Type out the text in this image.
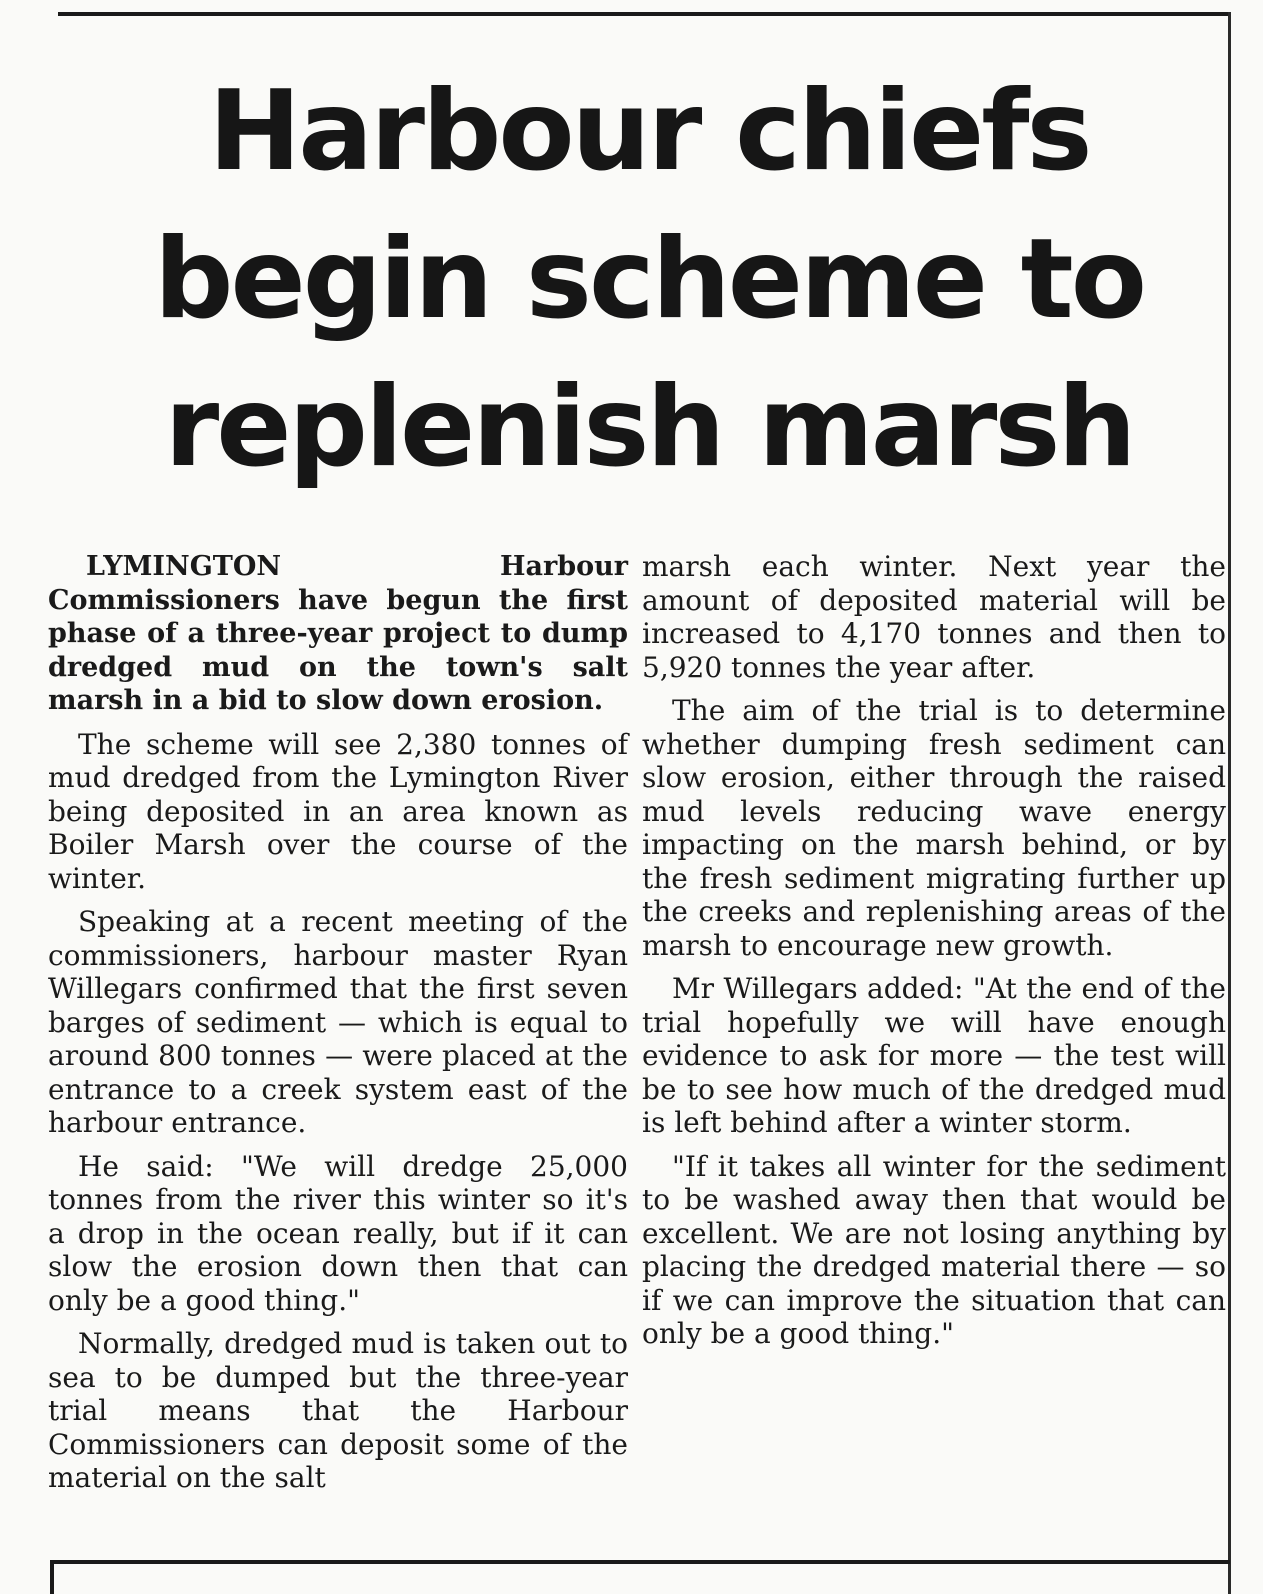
Harbour chiefs
begin scheme to
replenish marsh

LYMINGTON Harbour Commissioners have begun the first phase of a three-year project to dump dredged mud on the town's salt marsh in a bid to slow down erosion.

The scheme will see 2,380 tonnes of mud dredged from the Lymington River being deposited in an area known as Boiler Marsh over the course of the winter.

Speaking at a recent meeting of the commissioners, harbour master Ryan Willegars confirmed that the first seven barges of sediment — which is equal to around 800 tonnes — were placed at the entrance to a creek system east of the harbour entrance.

He said: "We will dredge 25,000 tonnes from the river this winter so it's a drop in the ocean really, but if it can slow the erosion down then that can only be a good thing."

Normally, dredged mud is taken out to sea to be dumped but the three-year trial means that the Harbour Commissioners can deposit some of the material on the salt

marsh each winter. Next year the amount of deposited material will be increased to 4,170 tonnes and then to 5,920 tonnes the year after.

The aim of the trial is to determine whether dumping fresh sediment can slow erosion, either through the raised mud levels reducing wave energy impacting on the marsh behind, or by the fresh sediment migrating further up the creeks and replenishing areas of the marsh to encourage new growth.

Mr Willegars added: "At the end of the trial hopefully we will have enough evidence to ask for more — the test will be to see how much of the dredged mud is left behind after a winter storm.

"If it takes all winter for the sediment to be washed away then that would be excellent. We are not losing anything by placing the dredged material there — so if we can improve the situation that can only be a good thing."
